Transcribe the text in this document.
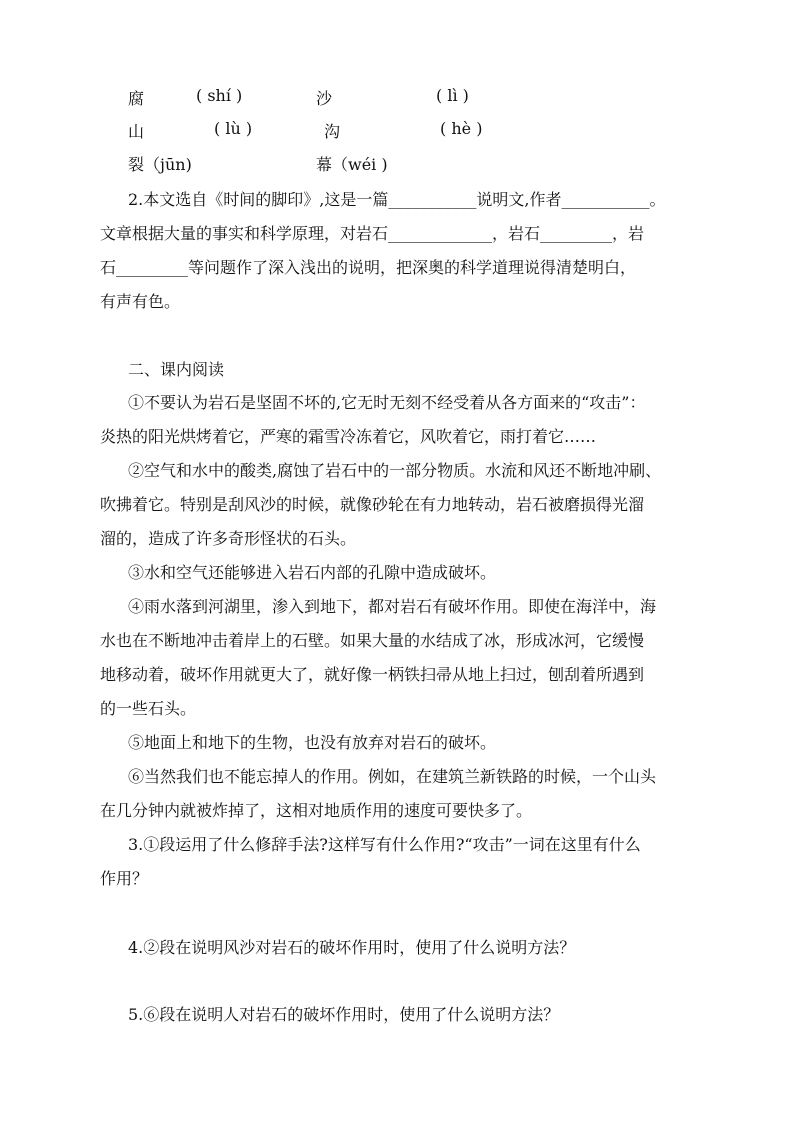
腐	( shí )	沙	( lì )
山	( lù )	沟	( hè )
裂（jūn)	幕（wéi )
2.本文选自《时间的脚印》,这是一篇___________说明文,作者___________。
文章根据大量的事实和科学原理，对岩石_____________，岩石_________，岩
石_________等问题作了深入浅出的说明，把深奥的科学道理说得清楚明白，
有声有色。
二、课内阅读
①不要认为岩石是坚固不坏的,它无时无刻不经受着从各方面来的“攻击”：
炎热的阳光烘烤着它，严寒的霜雪冷冻着它，风吹着它，雨打着它……
②空气和水中的酸类,腐蚀了岩石中的一部分物质。水流和风还不断地冲刷、
吹拂着它。特别是刮风沙的时候，就像砂轮在有力地转动，岩石被磨损得光溜
溜的，造成了许多奇形怪状的石头。
③水和空气还能够进入岩石内部的孔隙中造成破坏。
④雨水落到河湖里，渗入到地下，都对岩石有破坏作用。即使在海洋中，海
水也在不断地冲击着岸上的石壁。如果大量的水结成了冰，形成冰河，它缓慢
地移动着，破坏作用就更大了，就好像一柄铁扫帚从地上扫过，刨刮着所遇到
的一些石头。
⑤地面上和地下的生物，也没有放弃对岩石的破坏。
⑥当然我们也不能忘掉人的作用。例如，在建筑兰新铁路的时候，一个山头
在几分钟内就被炸掉了，这相对地质作用的速度可要快多了。
3.①段运用了什么修辞手法?这样写有什么作用?“攻击”一词在这里有什么
作用？
4.②段在说明风沙对岩石的破坏作用时，使用了什么说明方法？
5.⑥段在说明人对岩石的破坏作用时，使用了什么说明方法？
